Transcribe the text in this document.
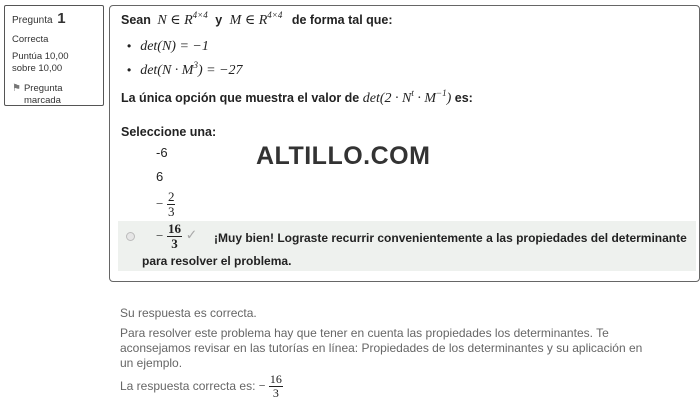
Pregunta 1
Correcta
Puntúa 10,00
sobre 10,00
⚑ Pregunta
marcada
Sean N ∈ $R^{4\times 4}$ y M ∈ $R^{4\times 4}$ de forma tal que:
• det(N) = −1
• $\det(N \cdot M^3) = -27$
La única opción que muestra el valor de $\det(2 \cdot N^t \cdot M^{-1})$ es:
Seleccione una:
ALTILLO.COM
-6
6
− $\frac{2}{3}$
− $\frac{16}{3}$ ✓ ¡Muy bien! Lograste recurrir convenientemente a las propiedades del determinante
para resolver el problema.
Su respuesta es correcta.
Para resolver este problema hay que tener en cuenta las propiedades los determinantes. Te
aconsejamos revisar en las tutorías en línea: Propiedades de los determinantes y su aplicación en
un ejemplo.
La respuesta correcta es: − $\frac{16}{3}$
